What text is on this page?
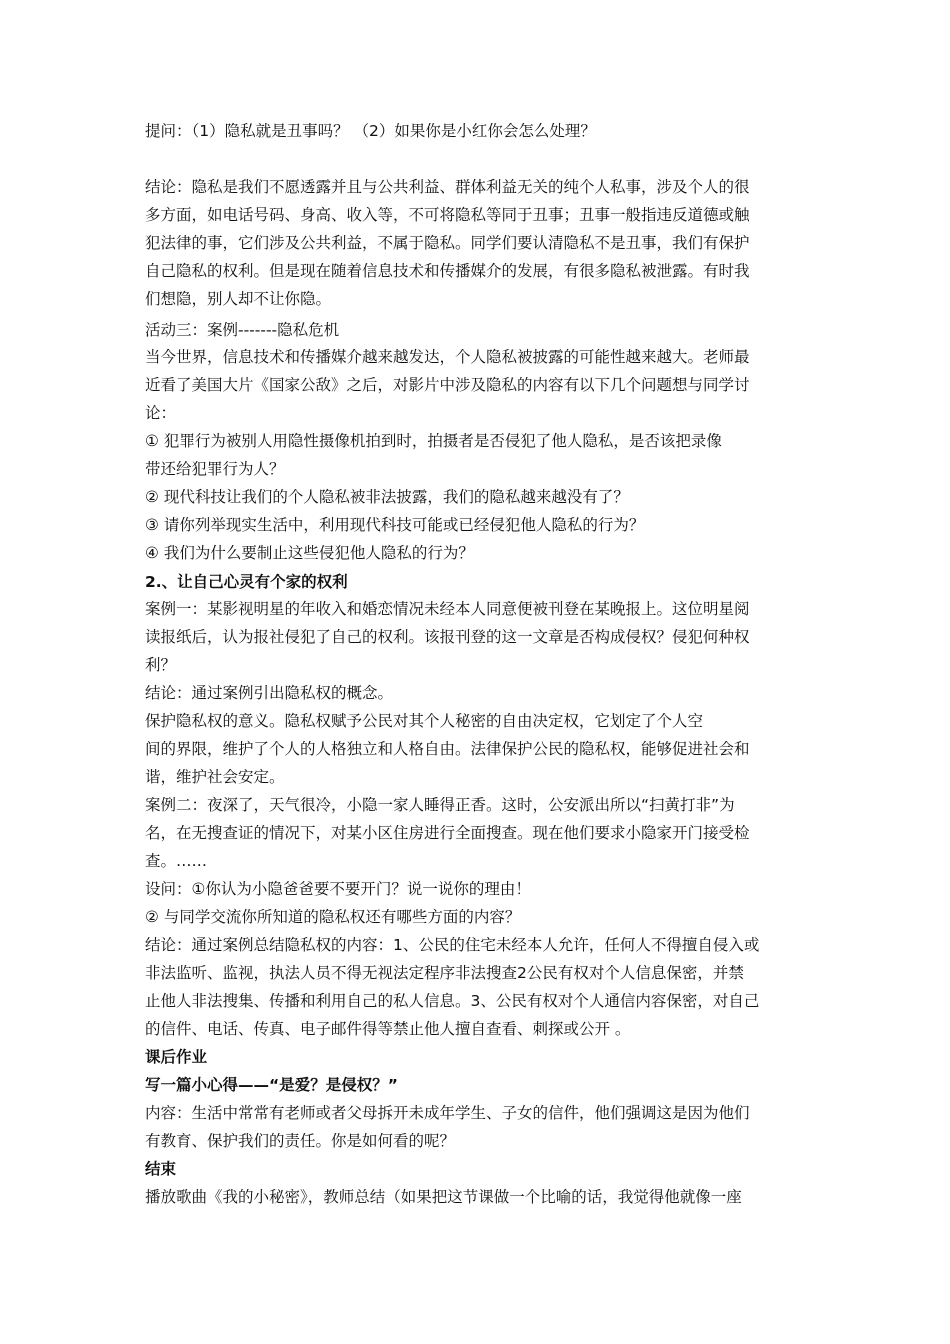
提问：（1）隐私就是丑事吗？ （2）如果你是小红你会怎么处理？
结论：隐私是我们不愿透露并且与公共利益、群体利益无关的纯个人私事，涉及个人的很
多方面，如电话号码、身高、收入等，不可将隐私等同于丑事；丑事一般指违反道德或触
犯法律的事，它们涉及公共利益，不属于隐私。同学们要认清隐私不是丑事，我们有保护
自己隐私的权利。但是现在随着信息技术和传播媒介的发展，有很多隐私被泄露。有时我
们想隐，别人却不让你隐。
活动三：案例-------隐私危机
当今世界，信息技术和传播媒介越来越发达，个人隐私被披露的可能性越来越大。老师最
近看了美国大片《国家公敌》之后，对影片中涉及隐私的内容有以下几个问题想与同学讨
论：
① 犯罪行为被别人用隐性摄像机拍到时，拍摄者是否侵犯了他人隐私，是否该把录像
带还给犯罪行为人？
② 现代科技让我们的个人隐私被非法披露，我们的隐私越来越没有了？
③ 请你列举现实生活中，利用现代科技可能或已经侵犯他人隐私的行为？
④ 我们为什么要制止这些侵犯他人隐私的行为？
2.、让自己心灵有个家的权利
案例一：某影视明星的年收入和婚恋情况未经本人同意便被刊登在某晚报上。这位明星阅
读报纸后，认为报社侵犯了自己的权利。该报刊登的这一文章是否构成侵权？侵犯何种权
利？
结论：通过案例引出隐私权的概念。
保护隐私权的意义。隐私权赋予公民对其个人秘密的自由决定权，它划定了个人空
间的界限，维护了个人的人格独立和人格自由。法律保护公民的隐私权，能够促进社会和
谐，维护社会安定。
案例二：夜深了，天气很冷，小隐一家人睡得正香。这时，公安派出所以“扫黄打非”为
名，在无搜查证的情况下，对某小区住房进行全面搜查。现在他们要求小隐家开门接受检
查。……
设问：①你认为小隐爸爸要不要开门？说一说你的理由！
② 与同学交流你所知道的隐私权还有哪些方面的内容？
结论：通过案例总结隐私权的内容：1、公民的住宅未经本人允许，任何人不得擅自侵入或
非法监听、监视，执法人员不得无视法定程序非法搜查2公民有权对个人信息保密，并禁
止他人非法搜集、传播和利用自己的私人信息。3、公民有权对个人通信内容保密，对自己
的信件、电话、传真、电子邮件得等禁止他人擅自查看、刺探或公开 。
课后作业
写一篇小心得——“是爱？是侵权？”
内容：生活中常常有老师或者父母拆开未成年学生、子女的信件，他们强调这是因为他们
有教育、保护我们的责任。你是如何看的呢？
结束
播放歌曲《我的小秘密》，教师总结（如果把这节课做一个比喻的话，我觉得他就像一座
